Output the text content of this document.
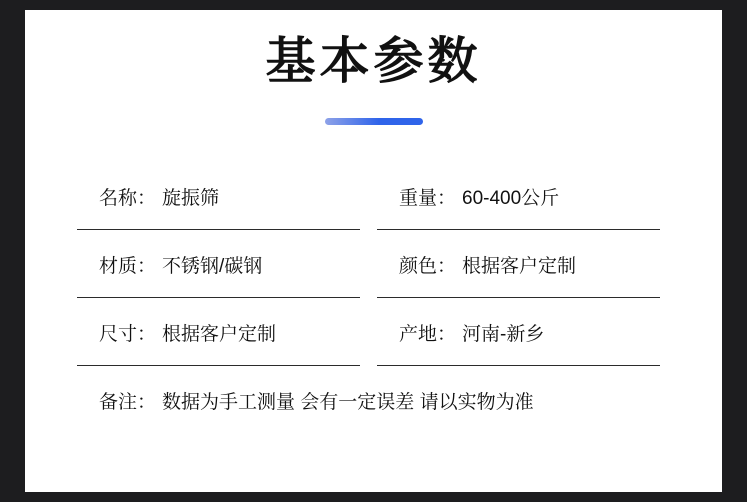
基本参数
名称： 旋振筛	重量： 60-400公斤
材质： 不锈钢/碳钢	颜色： 根据客户定制
尺寸： 根据客户定制	产地： 河南-新乡
备注： 数据为手工测量 会有一定误差 请以实物为准
